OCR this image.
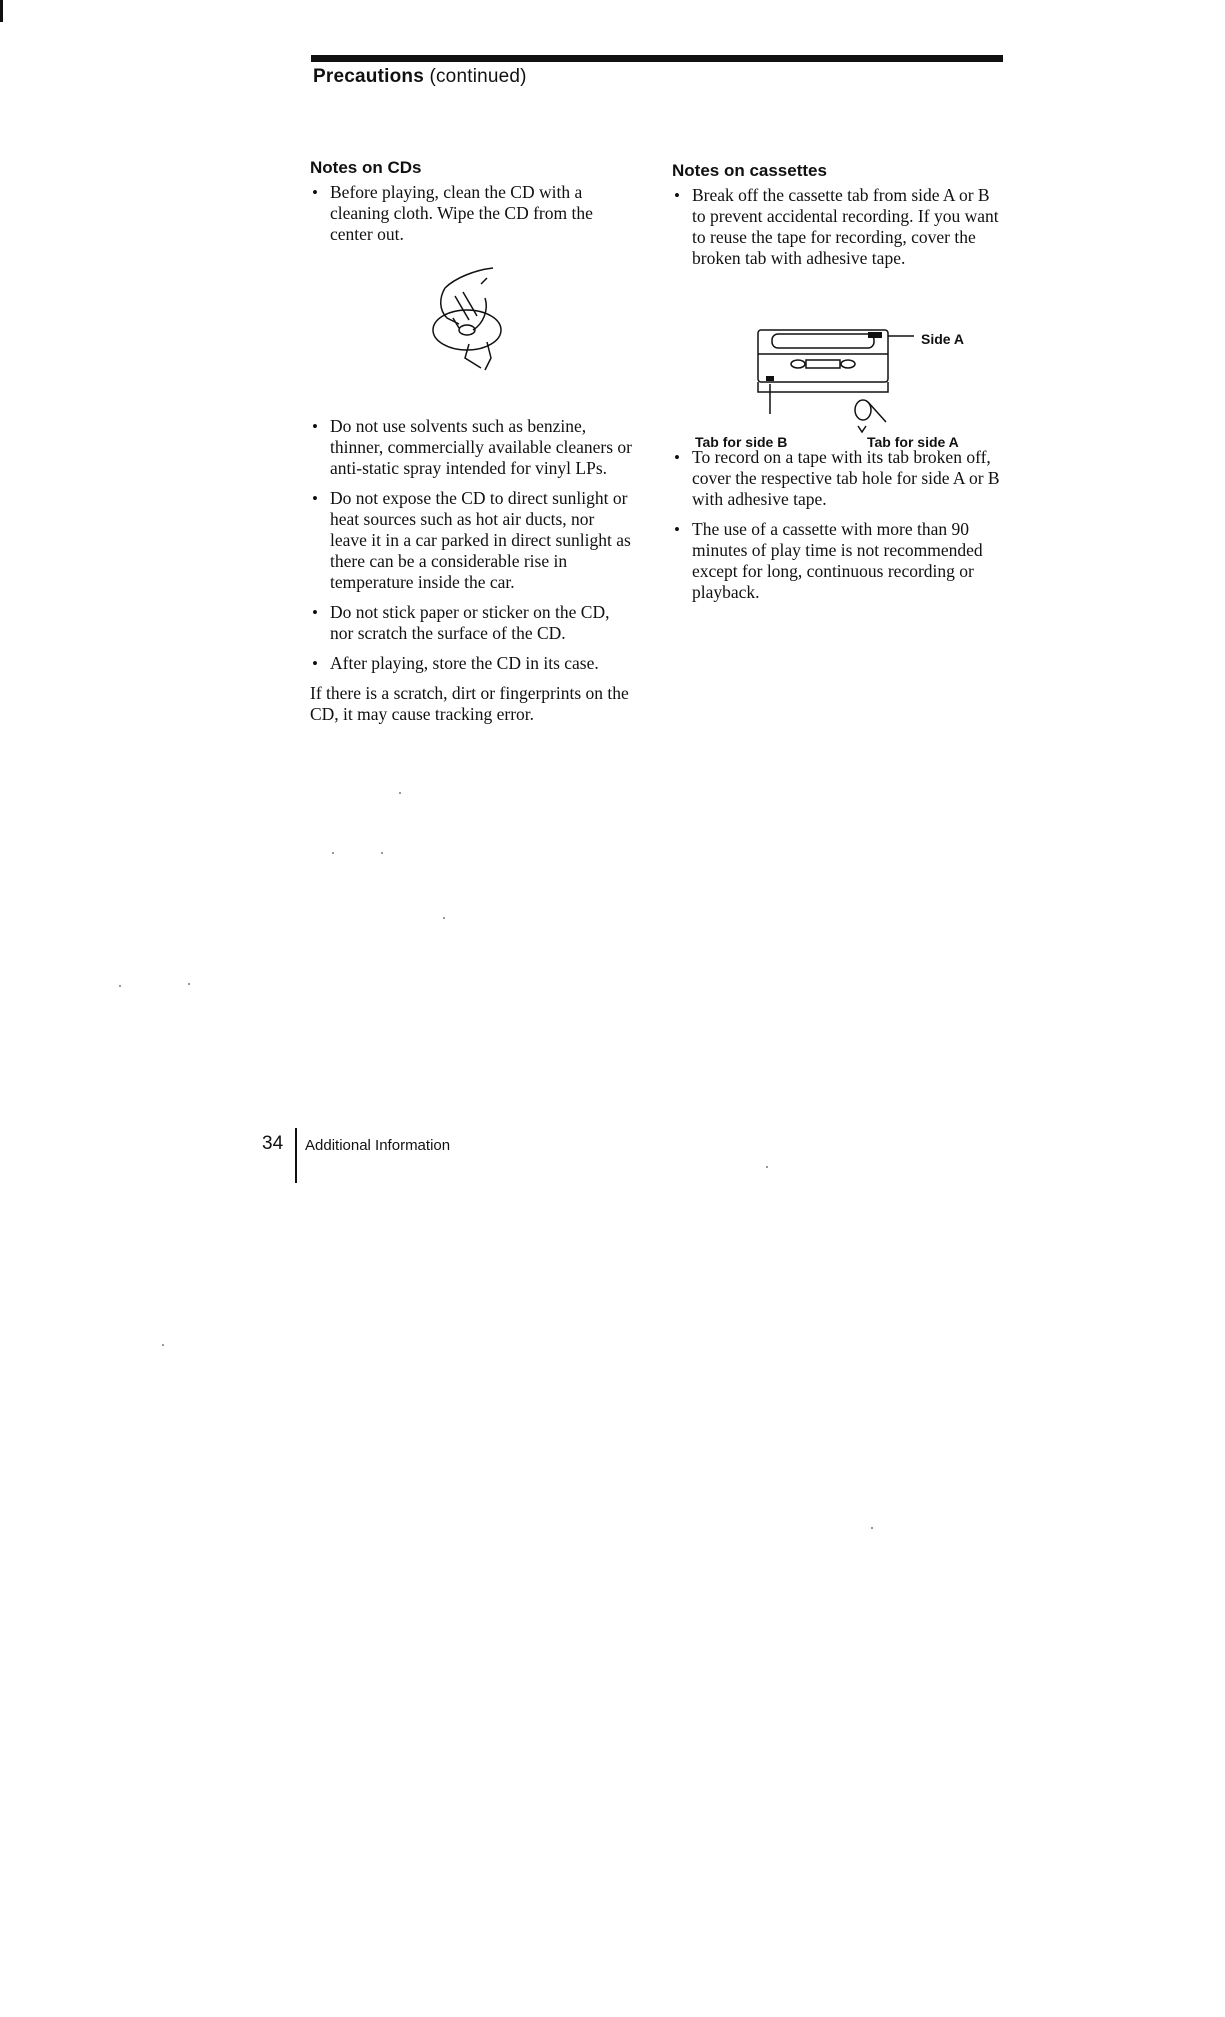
Precautions (continued)
Notes on CDs
• Before playing, clean the CD with a cleaning cloth. Wipe the CD from the center out.
• Do not use solvents such as benzine, thinner, commercially available cleaners or anti-static spray intended for vinyl LPs.
• Do not expose the CD to direct sunlight or heat sources such as hot air ducts, nor leave it in a car parked in direct sunlight as there can be a considerable rise in temperature inside the car.
• Do not stick paper or sticker on the CD, nor scratch the surface of the CD.
• After playing, store the CD in its case.

If there is a scratch, dirt or fingerprints on the CD, it may cause tracking error.

Notes on cassettes
• Break off the cassette tab from side A or B to prevent accidental recording. If you want to reuse the tape for recording, cover the broken tab with adhesive tape.
• To record on a tape with its tab broken off, cover the respective tab hole for side A or B with adhesive tape.
• The use of a cassette with more than 90 minutes of play time is not recommended except for long, continuous recording or playback.
Side A
Tab for side B	Tab for side A
34 Additional Information
